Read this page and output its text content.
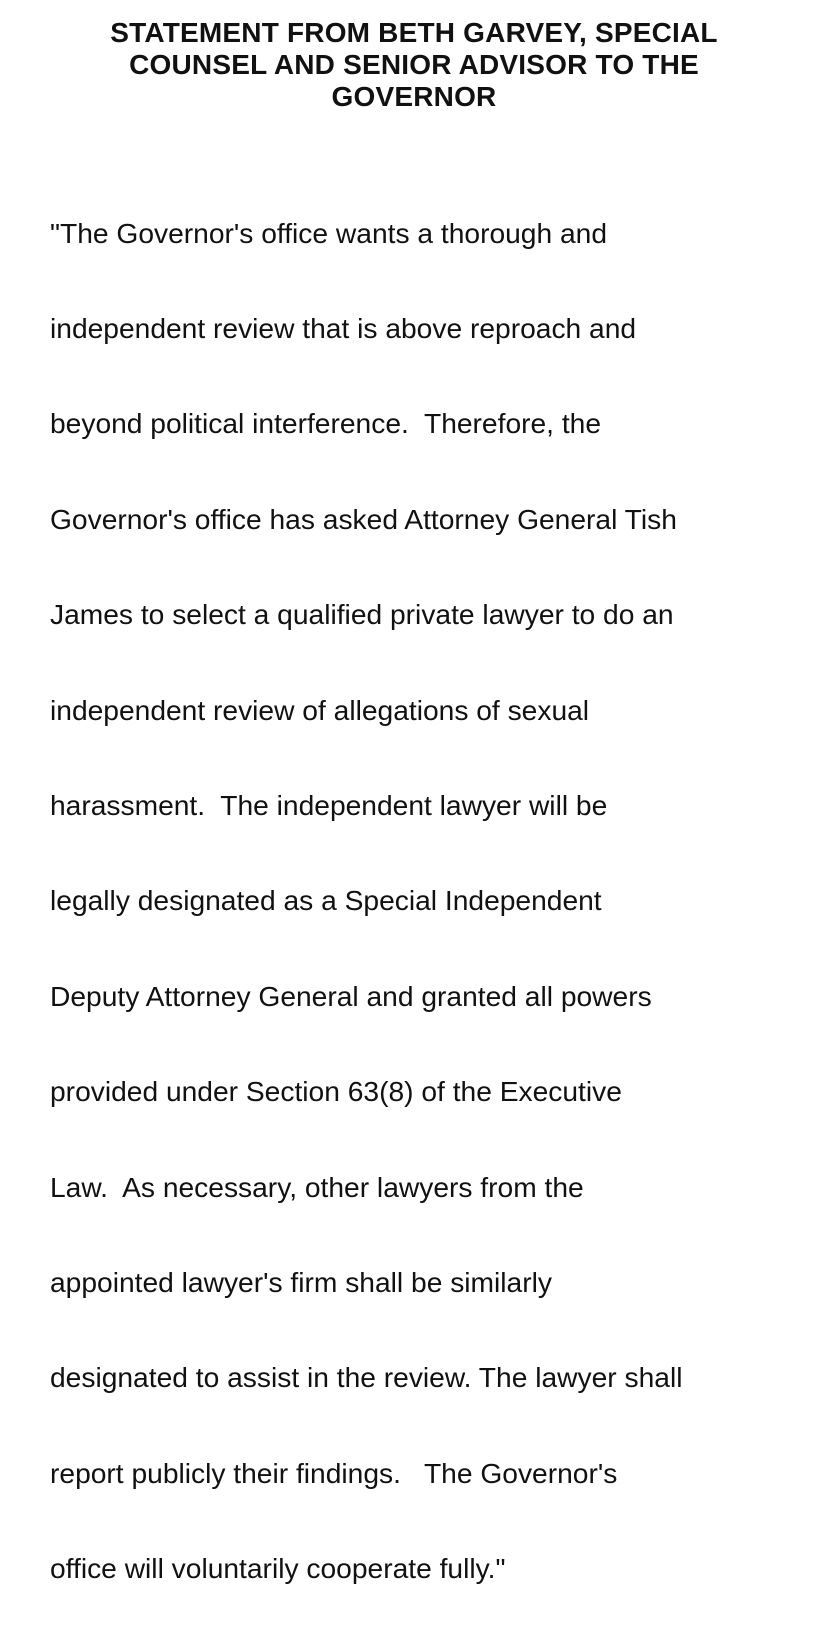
STATEMENT FROM BETH GARVEY, SPECIAL
COUNSEL AND SENIOR ADVISOR TO THE
GOVERNOR

"The Governor's office wants a thorough and

independent review that is above reproach and

beyond political interference.  Therefore, the

Governor's office has asked Attorney General Tish

James to select a qualified private lawyer to do an

independent review of allegations of sexual

harassment.  The independent lawyer will be

legally designated as a Special Independent

Deputy Attorney General and granted all powers

provided under Section 63(8) of the Executive

Law.  As necessary, other lawyers from the

appointed lawyer's firm shall be similarly

designated to assist in the review. The lawyer shall

report publicly their findings.   The Governor's

office will voluntarily cooperate fully."
